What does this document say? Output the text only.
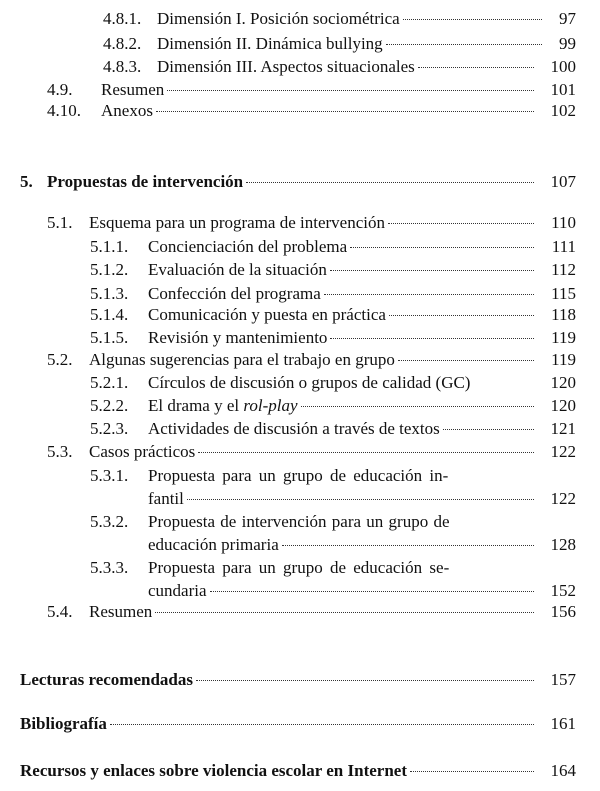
4.8.1. Dimensión I. Posición sociométrica	97
4.8.2. Dimensión II. Dinámica bullying	99
4.8.3. Dimensión III. Aspectos situacionales	100
4.9.	Resumen	101
4.10.	Anexos	102
5. Propuestas de intervención	107
5.1. Esquema para un programa de intervención	110
5.1.1.	Concienciación del problema	111
5.1.2.	Evaluación de la situación	112
5.1.3.	Confección del programa	115
5.1.4.	Comunicación y puesta en práctica	118
5.1.5.	Revisión y mantenimiento	119
5.2. Algunas sugerencias para el trabajo en grupo	119
5.2.1.	Círculos de discusión o grupos de calidad (GC)	120
5.2.2.	El drama y el rol-play	120
5.2.3.	Actividades de discusión a través de textos	121
5.3. Casos prácticos	122
5.3.1. Propuesta para un grupo de educación in-
fantil	122
5.3.2. Propuesta de intervención para un grupo de
educación primaria	128
5.3.3. Propuesta para un grupo de educación se-
cundaria	152
5.4. Resumen	156
Lecturas recomendadas	157
Bibliografía	161
Recursos y enlaces sobre violencia escolar en Internet	164
